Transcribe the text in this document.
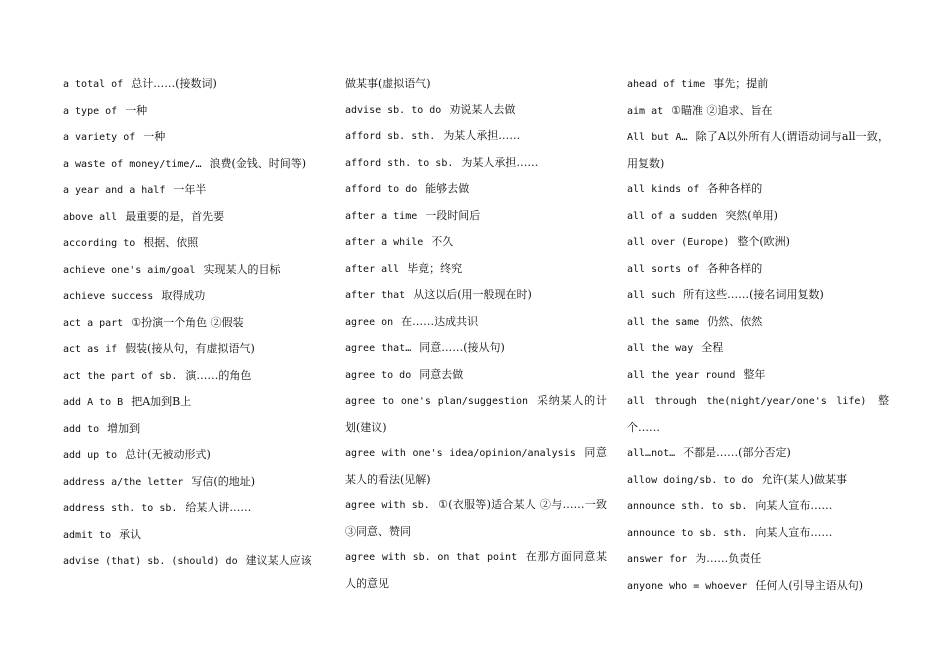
a total of 总计……(接数词)
a type of 一种
a variety of 一种
a waste of money/time/… 浪费(金钱、时间等)
a year and a half 一年半
above all 最重要的是，首先要
according to 根据、依照
achieve one's aim/goal 实现某人的目标
achieve success 取得成功
act a part ①扮演一个角色 ②假装
act as if 假装(接从句，有虚拟语气)
act the part of sb. 演……的角色
add A to B 把A加到B上
add to 增加到
add up to 总计(无被动形式)
address a/the letter 写信(的地址)
address sth. to sb. 给某人讲……
admit to 承认
advise (that) sb. (should) do 建议某人应该
做某事(虚拟语气)
advise sb. to do 劝说某人去做
afford sb. sth. 为某人承担……
afford sth. to sb. 为某人承担……
afford to do 能够去做
after a time 一段时间后
after a while 不久
after all 毕竟；终究
after that 从这以后(用一般现在时)
agree on 在……达成共识
agree that… 同意……(接从句)
agree to do 同意去做
agree to one's plan/suggestion 采纳某人的计划(建议)
agree with one's idea/opinion/analysis 同意某人的看法(见解)
agree with sb. ①(衣服等)适合某人 ②与……一致 ③同意、赞同
agree with sb. on that point 在那方面同意某人的意见
ahead of time 事先；提前
aim at ①瞄准 ②追求、旨在
All but A… 除了A以外所有人(谓语动词与all一致，用复数)
all kinds of 各种各样的
all of a sudden 突然(单用)
all over (Europe) 整个(欧洲)
all sorts of 各种各样的
all such 所有这些……(接名词用复数)
all the same 仍然、依然
all the way 全程
all the year round 整年
all through the(night/year/one's life) 整个……
all…not… 不都是……(部分否定)
allow doing/sb. to do 允许(某人)做某事
announce sth. to sb. 向某人宣布……
announce to sb. sth. 向某人宣布……
answer for 为……负责任
anyone who = whoever 任何人(引导主语从句)
